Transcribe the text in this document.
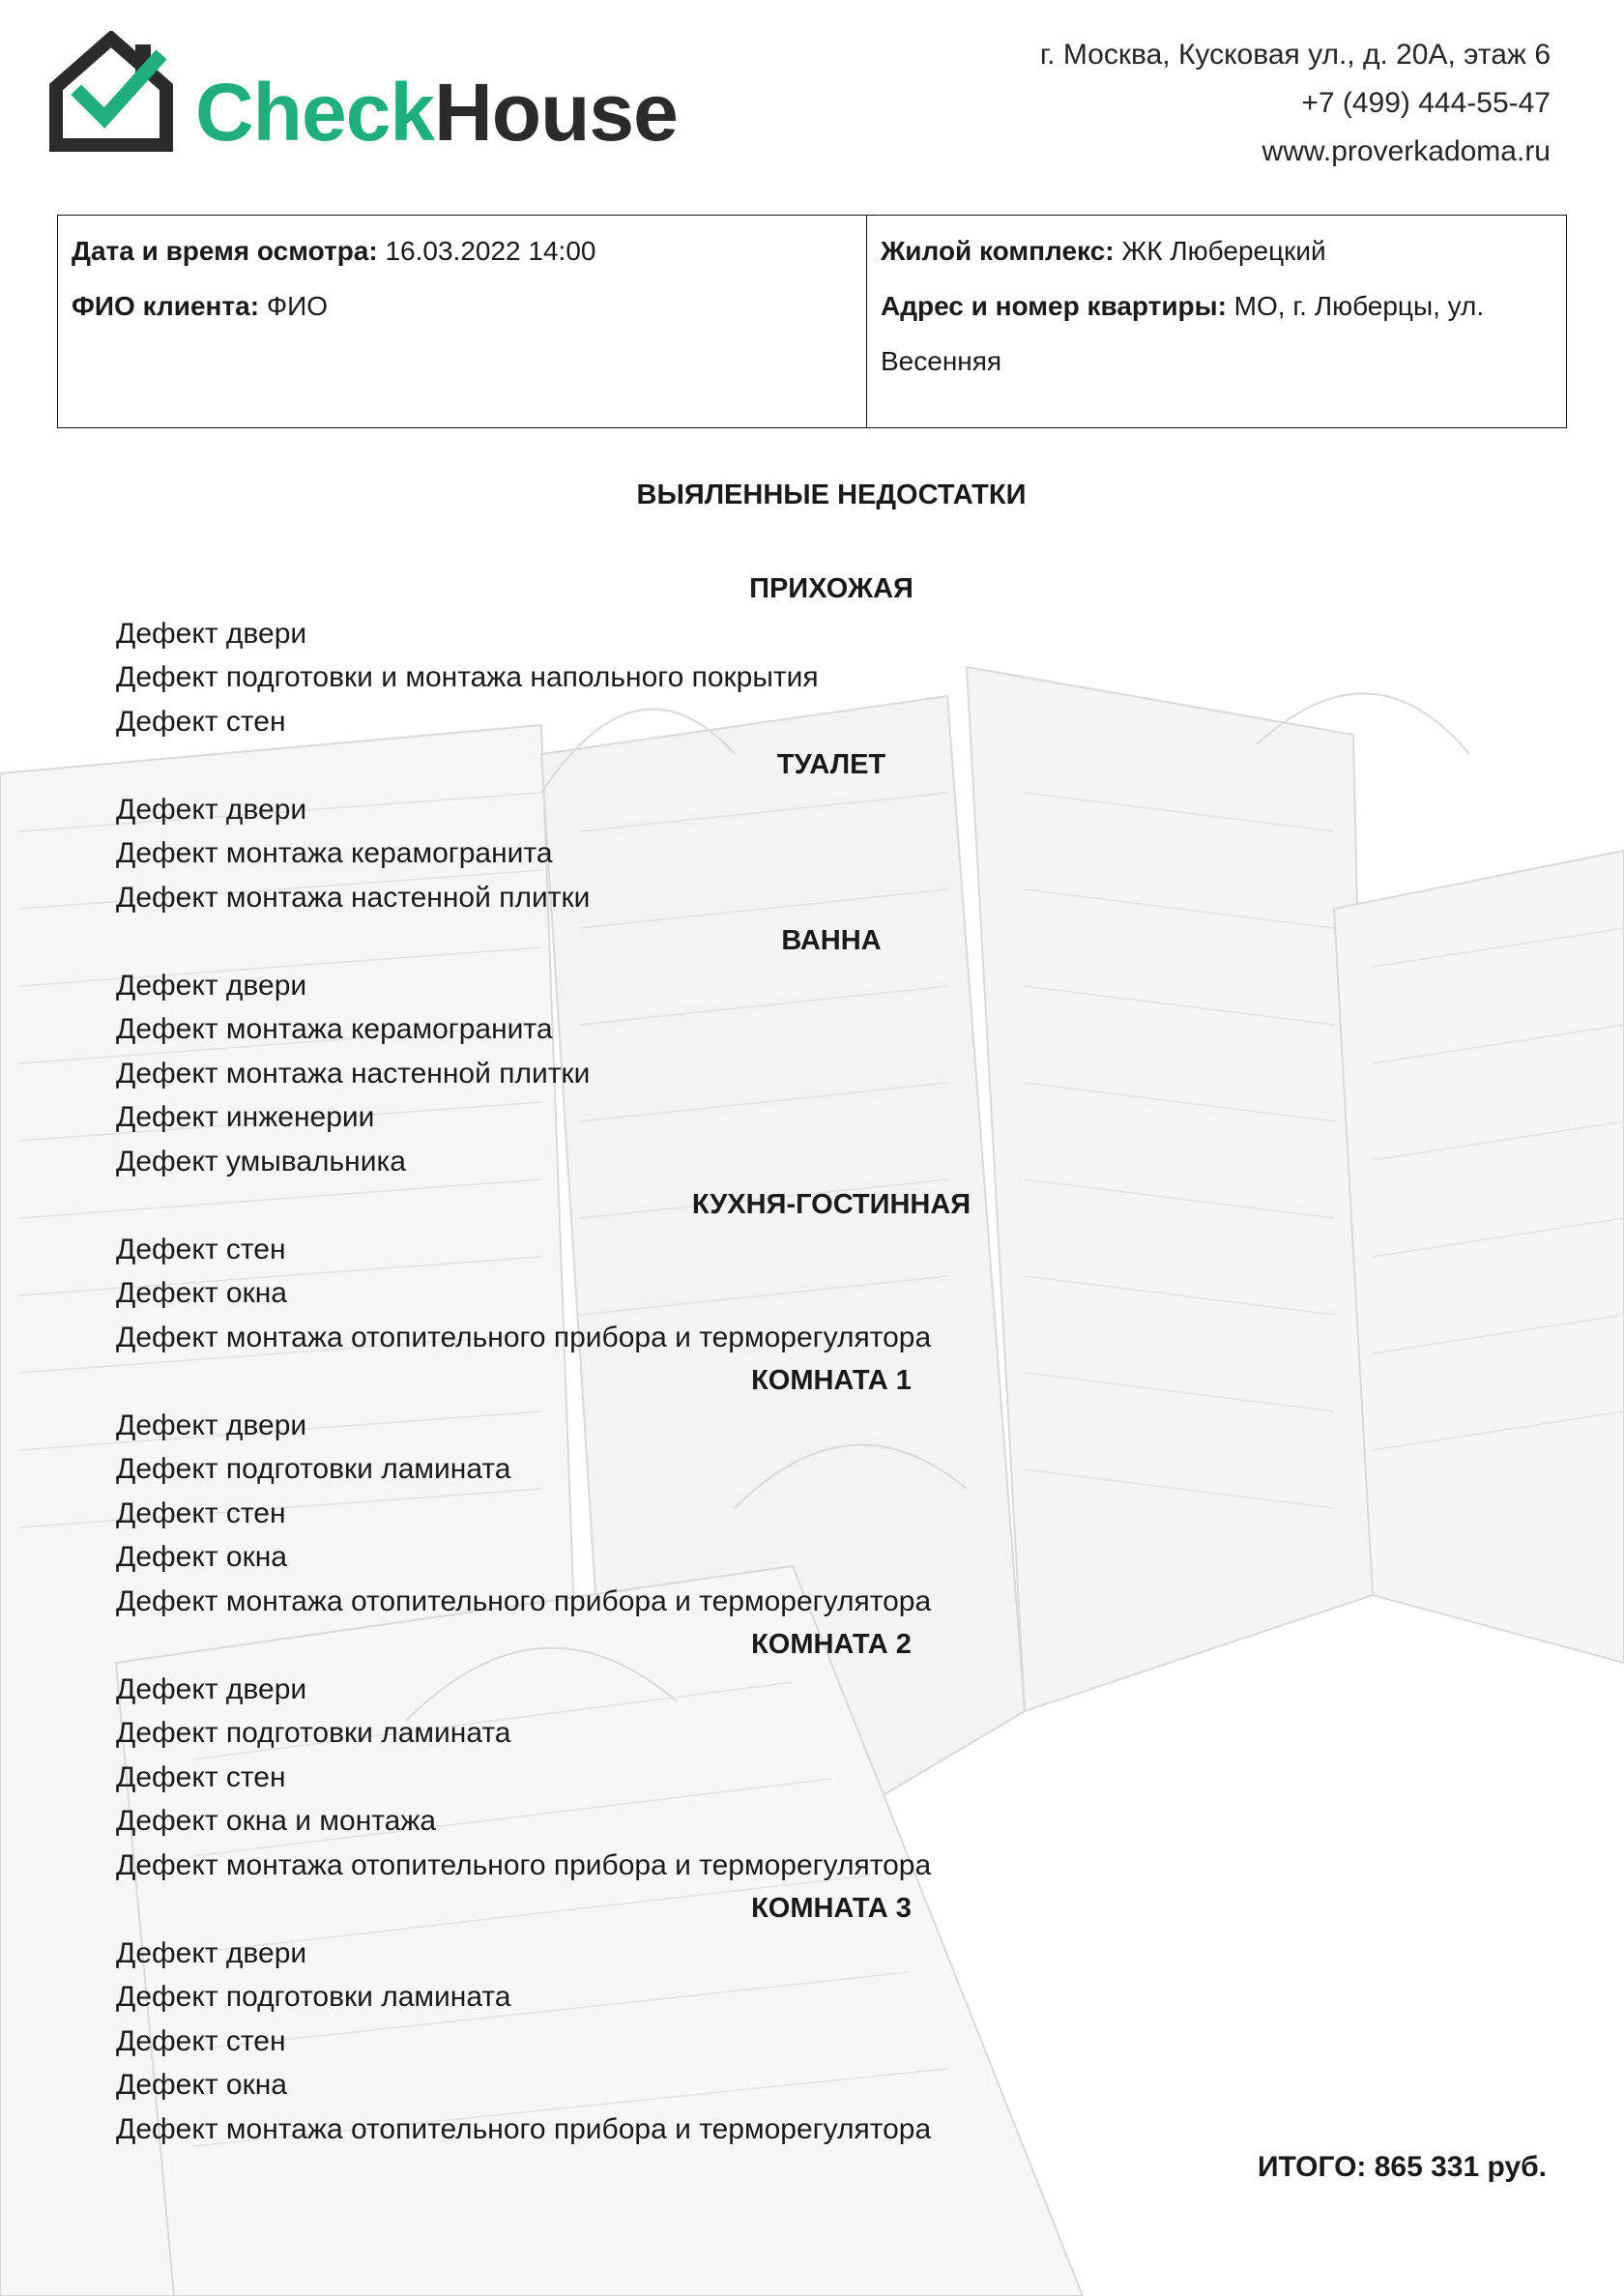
CheckHouse
г. Москва, Кусковая ул., д. 20А, этаж 6
+7 (499) 444-55-47
www.proverkadoma.ru
Дата и время осмотра: 16.03.2022 14:00
ФИО клиента: ФИО
Жилой комплекс: ЖК Люберецкий
Адрес и номер квартиры: МО, г. Люберцы, ул.
Весенняя
ВЫЯЛЕННЫЕ НЕДОСТАТКИ
ПРИХОЖАЯ
Дефект двери
Дефект подготовки и монтажа напольного покрытия
Дефект стен
ТУАЛЕТ
Дефект двери
Дефект монтажа керамогранита
Дефект монтажа настенной плитки
ВАННА
Дефект двери
Дефект монтажа керамогранита
Дефект монтажа настенной плитки
Дефект инженерии
Дефект умывальника
КУХНЯ-ГОСТИННАЯ
Дефект стен
Дефект окна
Дефект монтажа отопительного прибора и терморегулятора
КОМНАТА 1
Дефект двери
Дефект подготовки ламината
Дефект стен
Дефект окна
Дефект монтажа отопительного прибора и терморегулятора
КОМНАТА 2
Дефект двери
Дефект подготовки ламината
Дефект стен
Дефект окна и монтажа
Дефект монтажа отопительного прибора и терморегулятора
КОМНАТА 3
Дефект двери
Дефект подготовки ламината
Дефект стен
Дефект окна
Дефект монтажа отопительного прибора и терморегулятора
ИТОГО: 865 331 руб.
